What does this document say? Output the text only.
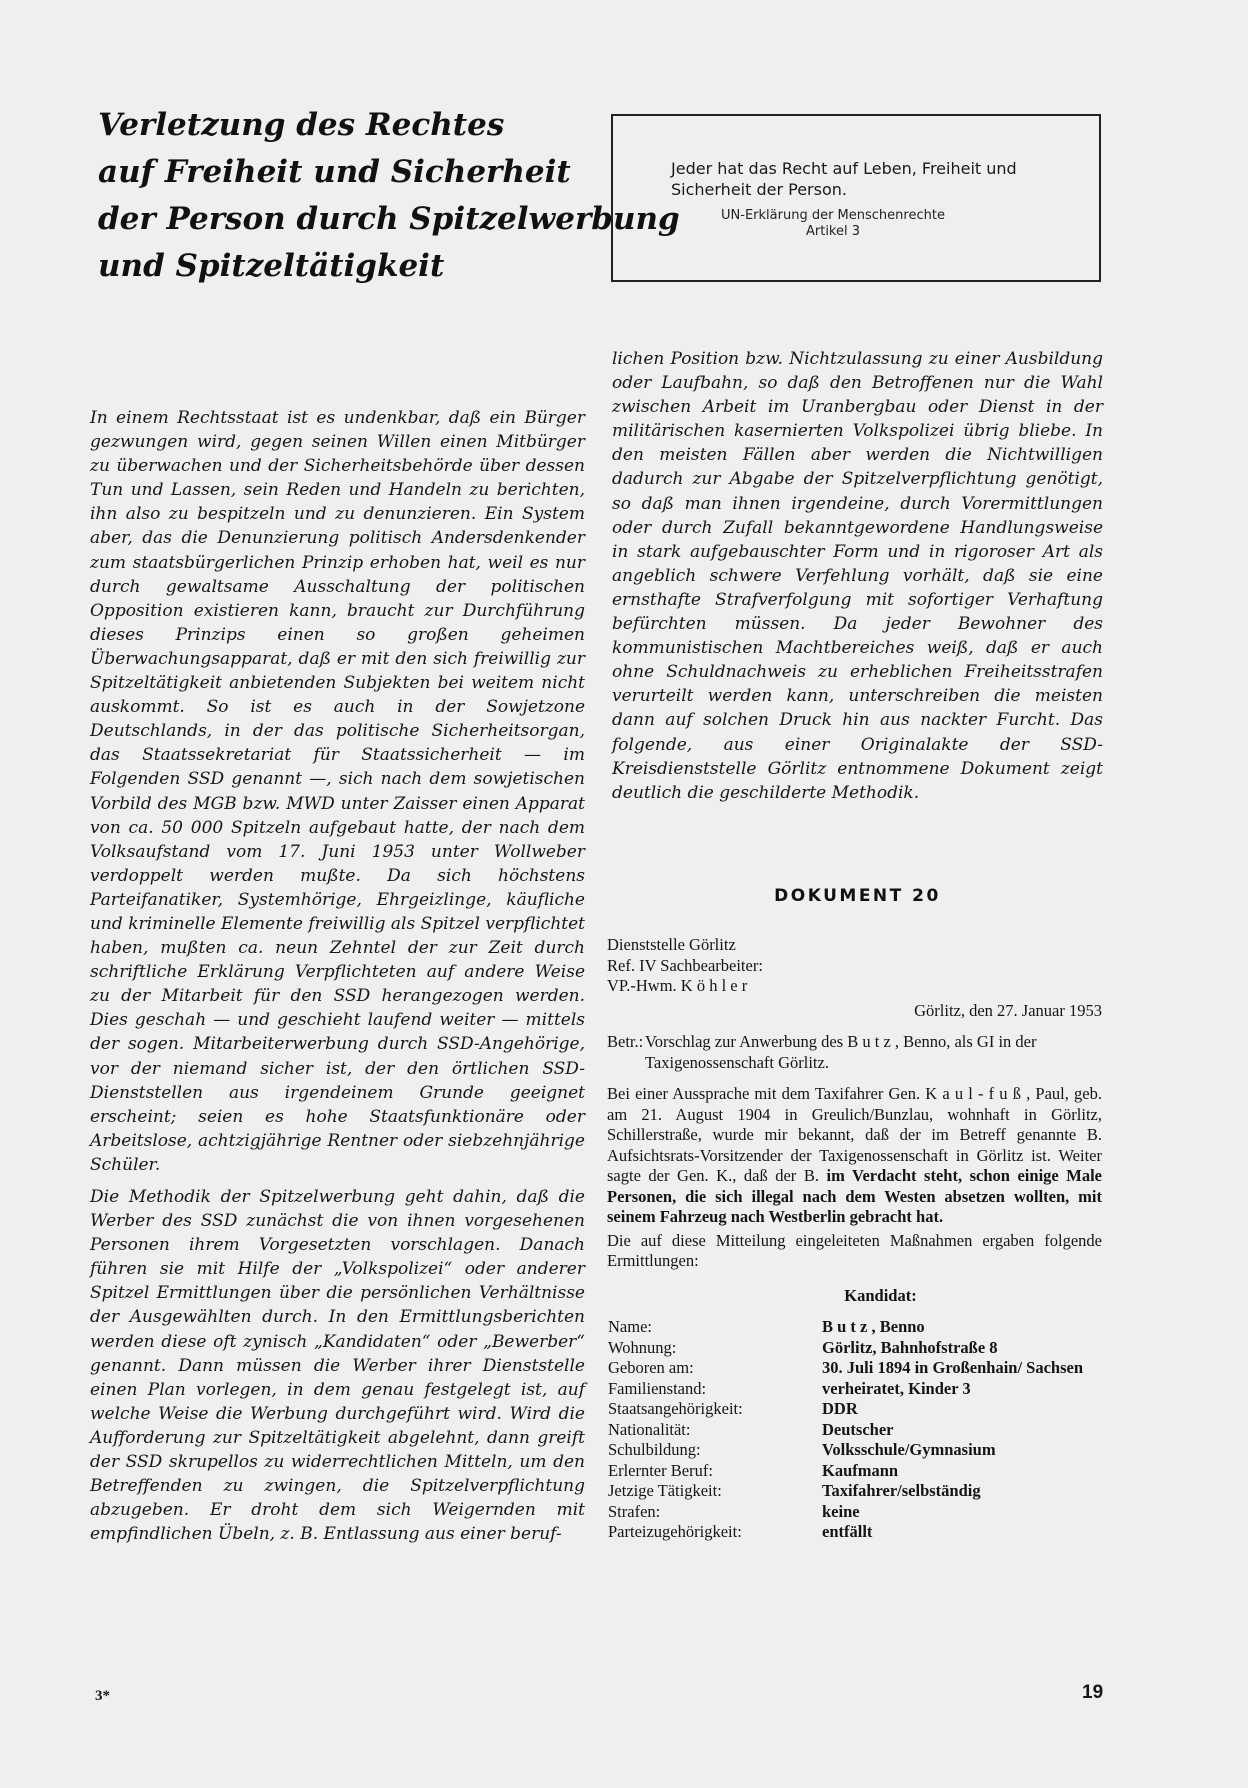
Verletzung des Rechtes
auf Freiheit und Sicherheit
der Person durch Spitzelwerbung
und Spitzeltätigkeit

Jeder hat das Recht auf Leben, Freiheit und Sicherheit der Person.

UN-Erklärung der Menschenrechte
Artikel 3

In einem Rechtsstaat ist es undenkbar, daß ein Bürger gezwungen wird, gegen seinen Willen einen Mitbürger zu überwachen und der Sicherheitsbehörde über dessen Tun und Lassen, sein Reden und Handeln zu berichten, ihn also zu bespitzeln und zu denunzieren. Ein System aber, das die Denunzierung politisch Andersdenkender zum staatsbürgerlichen Prinzip erhoben hat, weil es nur durch gewaltsame Ausschaltung der politischen Opposition existieren kann, braucht zur Durchführung dieses Prinzips einen so großen geheimen Überwachungsapparat, daß er mit den sich freiwillig zur Spitzeltätigkeit anbietenden Subjekten bei weitem nicht auskommt. So ist es auch in der Sowjetzone Deutschlands, in der das politische Sicherheitsorgan, das Staatssekretariat für Staatssicherheit — im Folgenden SSD genannt —, sich nach dem sowjetischen Vorbild des MGB bzw. MWD unter Zaisser einen Apparat von ca. 50 000 Spitzeln aufgebaut hatte, der nach dem Volksaufstand vom 17. Juni 1953 unter Wollweber verdoppelt werden mußte. Da sich höchstens Parteifanatiker, Systemhörige, Ehrgeizlinge, käufliche und kriminelle Elemente freiwillig als Spitzel verpflichtet haben, mußten ca. neun Zehntel der zur Zeit durch schriftliche Erklärung Verpflichteten auf andere Weise zu der Mitarbeit für den SSD herangezogen werden. Dies geschah — und geschieht laufend weiter — mittels der sogen. Mitarbeiterwerbung durch SSD-Angehörige, vor der niemand sicher ist, der den örtlichen SSD-Dienststellen aus irgendeinem Grunde geeignet erscheint; seien es hohe Staatsfunktionäre oder Arbeitslose, achtzigjährige Rentner oder siebzehnjährige Schüler.

Die Methodik der Spitzelwerbung geht dahin, daß die Werber des SSD zunächst die von ihnen vorgesehenen Personen ihrem Vorgesetzten vorschlagen. Danach führen sie mit Hilfe der „Volkspolizei“ oder anderer Spitzel Ermittlungen über die persönlichen Verhältnisse der Ausgewählten durch. In den Ermittlungsberichten werden diese oft zynisch „Kandidaten“ oder „Bewerber“ genannt. Dann müssen die Werber ihrer Dienststelle einen Plan vorlegen, in dem genau festgelegt ist, auf welche Weise die Werbung durchgeführt wird. Wird die Aufforderung zur Spitzeltätigkeit abgelehnt, dann greift der SSD skrupellos zu widerrechtlichen Mitteln, um den Betreffenden zu zwingen, die Spitzelverpflichtung abzugeben. Er droht dem sich Weigernden mit empfindlichen Übeln, z. B. Entlassung aus einer beruf-

lichen Position bzw. Nichtzulassung zu einer Ausbildung oder Laufbahn, so daß den Betroffenen nur die Wahl zwischen Arbeit im Uranbergbau oder Dienst in der militärischen kasernierten Volkspolizei übrig bliebe. In den meisten Fällen aber werden die Nichtwilligen dadurch zur Abgabe der Spitzelverpflichtung genötigt, so daß man ihnen irgendeine, durch Vorermittlungen oder durch Zufall bekanntgewordene Handlungsweise in stark aufgebauschter Form und in rigoroser Art als angeblich schwere Verfehlung vorhält, daß sie eine ernsthafte Strafverfolgung mit sofortiger Verhaftung befürchten müssen. Da jeder Bewohner des kommunistischen Machtbereiches weiß, daß er auch ohne Schuldnachweis zu erheblichen Freiheitsstrafen verurteilt werden kann, unterschreiben die meisten dann auf solchen Druck hin aus nackter Furcht. Das folgende, aus einer Originalakte der SSD-Kreisdienststelle Görlitz entnommene Dokument zeigt deutlich die geschilderte Methodik.

DOKUMENT 20
Dienststelle Görlitz
Ref. IV Sachbearbeiter:
VP.-Hwm. K ö h l e r
Görlitz, den 27. Januar 1953
Betr.: Vorschlag zur Anwerbung des B u t z , Benno, als GI in der Taxigenossenschaft Görlitz.

Bei einer Aussprache mit dem Taxifahrer Gen. K a u l - f u ß , Paul, geb. am 21. August 1904 in Greulich/Bunzlau, wohnhaft in Görlitz, Schillerstraße, wurde mir bekannt, daß der im Betreff genannte B. Aufsichtsrats-Vorsitzender der Taxigenossenschaft in Görlitz ist. Weiter sagte der Gen. K., daß der B. im Verdacht steht, schon einige Male Personen, die sich illegal nach dem Westen absetzen wollten, mit seinem Fahrzeug nach Westberlin gebracht hat.

Die auf diese Mitteilung eingeleiteten Maßnahmen ergaben folgende Ermittlungen:

Kandidat:
Name:	B u t z , Benno
Wohnung:	Görlitz, Bahnhofstraße 8
Geboren am:	30. Juli 1894 in Großenhain/ Sachsen
Familienstand:	verheiratet, Kinder 3
Staatsangehörigkeit:	DDR
Nationalität:	Deutscher
Schulbildung:	Volksschule/Gymnasium
Erlernter Beruf:	Kaufmann
Jetzige Tätigkeit:	Taxifahrer/selbständig
Strafen:	keine
Parteizugehörigkeit:	entfällt
3*	19
